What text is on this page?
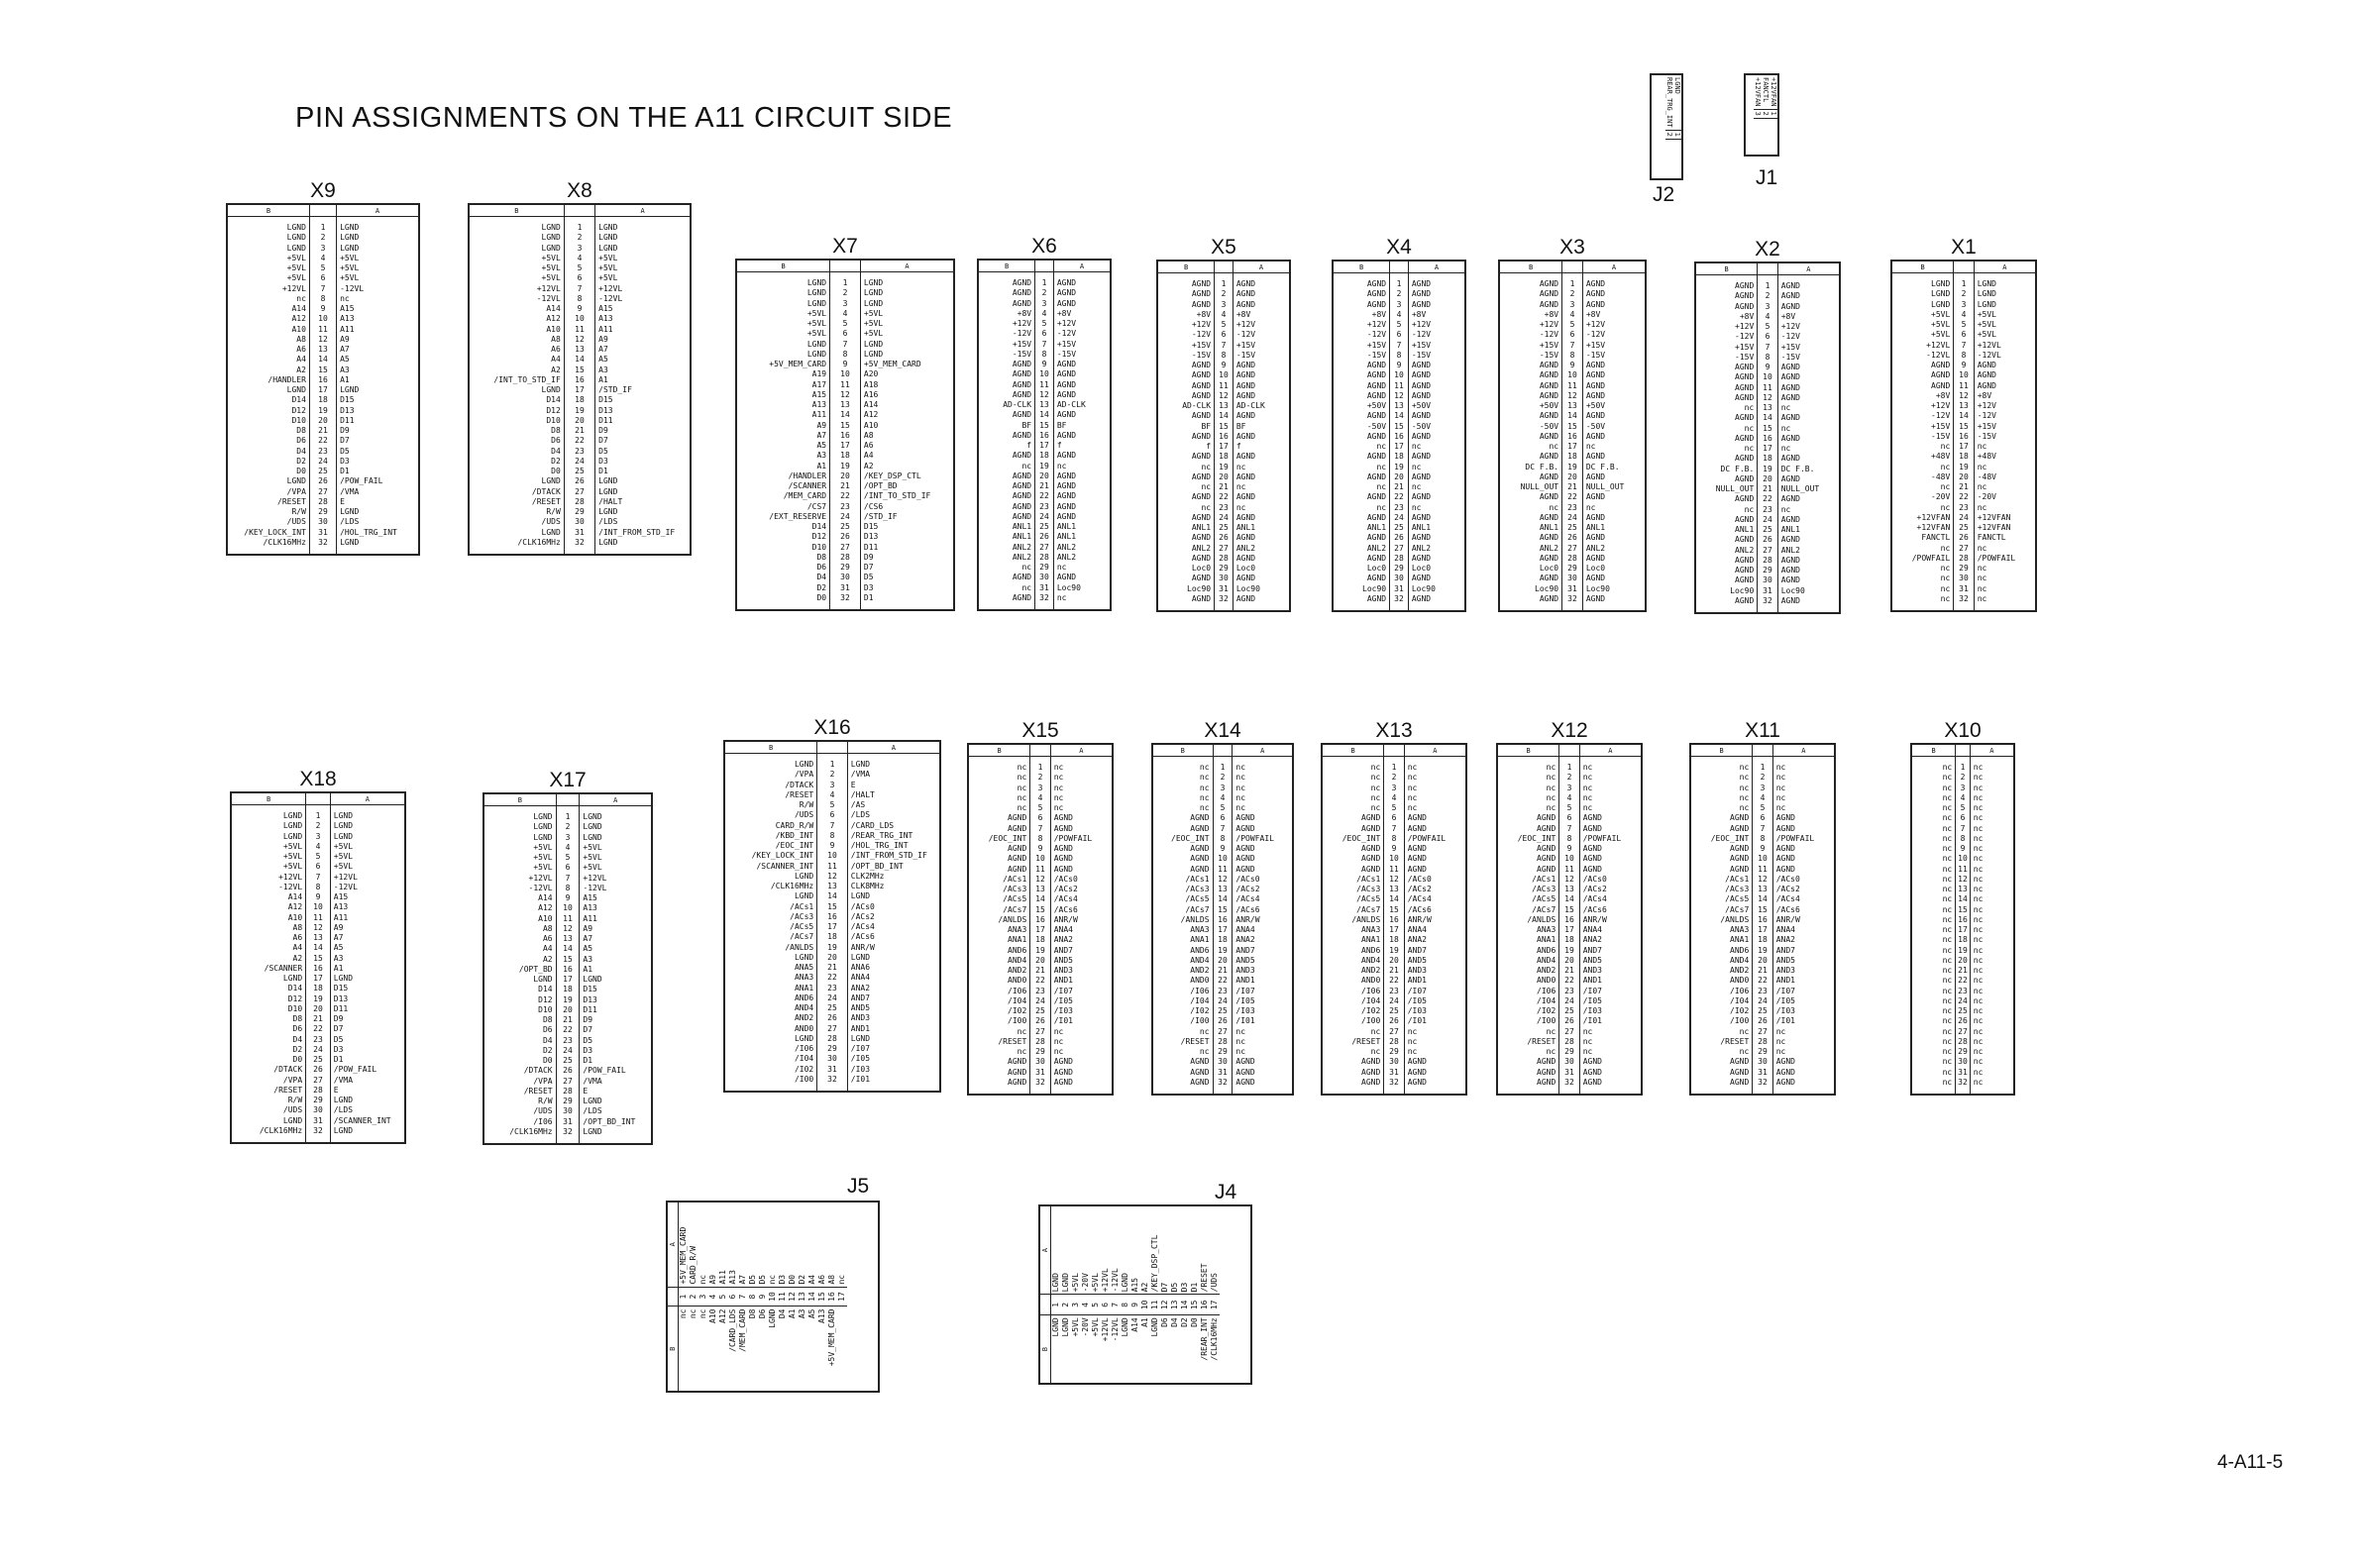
PIN ASSIGNMENTS ON THE A11 CIRCUIT SIDE
X9
B		A

LGND	1	LGND
LGND	2	LGND
LGND	3	LGND
+5VL	4	+5VL
+5VL	5	+5VL
+5VL	6	+5VL
+12VL	7	-12VL
nc	8	nc
A14	9	A15
A12	10	A13
A10	11	A11
A8	12	A9
A6	13	A7
A4	14	A5
A2	15	A3
/HANDLER	16	A1
LGND	17	LGND
D14	18	D15
D12	19	D13
D10	20	D11
D8	21	D9
D6	22	D7
D4	23	D5
D2	24	D3
D0	25	D1
LGND	26	/POW_FAIL
/VPA	27	/VMA
/RESET	28	E
R/W	29	LGND
/UDS	30	/LDS
/KEY_LOCK_INT	31	/HOL_TRG_INT
/CLK16MHz	32	LGND

X8
B		A

LGND	1	LGND
LGND	2	LGND
LGND	3	LGND
+5VL	4	+5VL
+5VL	5	+5VL
+5VL	6	+5VL
+12VL	7	+12VL
-12VL	8	-12VL
A14	9	A15
A12	10	A13
A10	11	A11
A8	12	A9
A6	13	A7
A4	14	A5
A2	15	A3
/INT_TO_STD_IF	16	A1
LGND	17	/STD_IF
D14	18	D15
D12	19	D13
D10	20	D11
D8	21	D9
D6	22	D7
D4	23	D5
D2	24	D3
D0	25	D1
LGND	26	LGND
/DTACK	27	LGND
/RESET	28	/HALT
R/W	29	LGND
/UDS	30	/LDS
LGND	31	/INT_FROM_STD_IF
/CLK16MHz	32	LGND

X7
B		A

LGND	1	LGND
LGND	2	LGND
LGND	3	LGND
+5VL	4	+5VL
+5VL	5	+5VL
+5VL	6	+5VL
LGND	7	LGND
LGND	8	LGND
+5V_MEM_CARD	9	+5V_MEM_CARD
A19	10	A20
A17	11	A18
A15	12	A16
A13	13	A14
A11	14	A12
A9	15	A10
A7	16	A8
A5	17	A6
A3	18	A4
A1	19	A2
/HANDLER	20	/KEY_DSP_CTL
/SCANNER	21	/OPT_BD
/MEM_CARD	22	/INT_TO_STD_IF
/CS7	23	/CS6
/EXT_RESERVE	24	/STD_IF
D14	25	D15
D12	26	D13
D10	27	D11
D8	28	D9
D6	29	D7
D4	30	D5
D2	31	D3
D0	32	D1

X6
B		A

AGND	1	AGND
AGND	2	AGND
AGND	3	AGND
+8V	4	+8V
+12V	5	+12V
-12V	6	-12V
+15V	7	+15V
-15V	8	-15V
AGND	9	AGND
AGND	10	AGND
AGND	11	AGND
AGND	12	AGND
AD-CLK	13	AD-CLK
AGND	14	AGND
BF	15	BF
AGND	16	AGND
f	17	f
AGND	18	AGND
nc	19	nc
AGND	20	AGND
AGND	21	AGND
AGND	22	AGND
AGND	23	AGND
AGND	24	AGND
ANL1	25	ANL1
ANL1	26	ANL1
ANL2	27	ANL2
ANL2	28	ANL2
nc	29	nc
AGND	30	AGND
nc	31	Loc90
AGND	32	nc

X5
B		A

AGND	1	AGND
AGND	2	AGND
AGND	3	AGND
+8V	4	+8V
+12V	5	+12V
-12V	6	-12V
+15V	7	+15V
-15V	8	-15V
AGND	9	AGND
AGND	10	AGND
AGND	11	AGND
AGND	12	AGND
AD-CLK	13	AD-CLK
AGND	14	AGND
BF	15	BF
AGND	16	AGND
f	17	f
AGND	18	AGND
nc	19	nc
AGND	20	AGND
nc	21	nc
AGND	22	AGND
nc	23	nc
AGND	24	AGND
ANL1	25	ANL1
AGND	26	AGND
ANL2	27	ANL2
AGND	28	AGND
Loc0	29	Loc0
AGND	30	AGND
Loc90	31	Loc90
AGND	32	AGND

X4
B		A

AGND	1	AGND
AGND	2	AGND
AGND	3	AGND
+8V	4	+8V
+12V	5	+12V
-12V	6	-12V
+15V	7	+15V
-15V	8	-15V
AGND	9	AGND
AGND	10	AGND
AGND	11	AGND
AGND	12	AGND
+50V	13	+50V
AGND	14	AGND
-50V	15	-50V
AGND	16	AGND
nc	17	nc
AGND	18	AGND
nc	19	nc
AGND	20	AGND
nc	21	nc
AGND	22	AGND
nc	23	nc
AGND	24	AGND
ANL1	25	ANL1
AGND	26	AGND
ANL2	27	ANL2
AGND	28	AGND
Loc0	29	Loc0
AGND	30	AGND
Loc90	31	Loc90
AGND	32	AGND

X3
B		A

AGND	1	AGND
AGND	2	AGND
AGND	3	AGND
+8V	4	+8V
+12V	5	+12V
-12V	6	-12V
+15V	7	+15V
-15V	8	-15V
AGND	9	AGND
AGND	10	AGND
AGND	11	AGND
AGND	12	AGND
+50V	13	+50V
AGND	14	AGND
-50V	15	-50V
AGND	16	AGND
nc	17	nc
AGND	18	AGND
DC F.B.	19	DC F.B.
AGND	20	AGND
NULL_OUT	21	NULL_OUT
AGND	22	AGND
nc	23	nc
AGND	24	AGND
ANL1	25	ANL1
AGND	26	AGND
ANL2	27	ANL2
AGND	28	AGND
Loc0	29	Loc0
AGND	30	AGND
Loc90	31	Loc90
AGND	32	AGND

X2
B		A

AGND	1	AGND
AGND	2	AGND
AGND	3	AGND
+8V	4	+8V
+12V	5	+12V
-12V	6	-12V
+15V	7	+15V
-15V	8	-15V
AGND	9	AGND
AGND	10	AGND
AGND	11	AGND
AGND	12	AGND
nc	13	nc
AGND	14	AGND
nc	15	nc
AGND	16	AGND
nc	17	nc
AGND	18	AGND
DC F.B.	19	DC F.B.
AGND	20	AGND
NULL_OUT	21	NULL_OUT
AGND	22	AGND
nc	23	nc
AGND	24	AGND
ANL1	25	ANL1
AGND	26	AGND
ANL2	27	ANL2
AGND	28	AGND
AGND	29	AGND
AGND	30	AGND
Loc90	31	Loc90
AGND	32	AGND

X1
B		A

LGND	1	LGND
LGND	2	LGND
LGND	3	LGND
+5VL	4	+5VL
+5VL	5	+5VL
+5VL	6	+5VL
+12VL	7	+12VL
-12VL	8	-12VL
AGND	9	AGND
AGND	10	AGND
AGND	11	AGND
+8V	12	+8V
+12V	13	+12V
-12V	14	-12V
+15V	15	+15V
-15V	16	-15V
nc	17	nc
+48V	18	+48V
nc	19	nc
-48V	20	-48V
nc	21	nc
-20V	22	-20V
nc	23	nc
+12VFAN	24	+12VFAN
+12VFAN	25	+12VFAN
FANCTL	26	FANCTL
nc	27	nc
/POWFAIL	28	/POWFAIL
nc	29	nc
nc	30	nc
nc	31	nc
nc	32	nc

X18
B		A

LGND	1	LGND
LGND	2	LGND
LGND	3	LGND
+5VL	4	+5VL
+5VL	5	+5VL
+5VL	6	+5VL
+12VL	7	+12VL
-12VL	8	-12VL
A14	9	A15
A12	10	A13
A10	11	A11
A8	12	A9
A6	13	A7
A4	14	A5
A2	15	A3
/SCANNER	16	A1
LGND	17	LGND
D14	18	D15
D12	19	D13
D10	20	D11
D8	21	D9
D6	22	D7
D4	23	D5
D2	24	D3
D0	25	D1
/DTACK	26	/POW_FAIL
/VPA	27	/VMA
/RESET	28	E
R/W	29	LGND
/UDS	30	/LDS
LGND	31	/SCANNER_INT
/CLK16MHz	32	LGND

X17
B		A

LGND	1	LGND
LGND	2	LGND
LGND	3	LGND
+5VL	4	+5VL
+5VL	5	+5VL
+5VL	6	+5VL
+12VL	7	+12VL
-12VL	8	-12VL
A14	9	A15
A12	10	A13
A10	11	A11
A8	12	A9
A6	13	A7
A4	14	A5
A2	15	A3
/OPT_BD	16	A1
LGND	17	LGND
D14	18	D15
D12	19	D13
D10	20	D11
D8	21	D9
D6	22	D7
D4	23	D5
D2	24	D3
D0	25	D1
/DTACK	26	/POW_FAIL
/VPA	27	/VMA
/RESET	28	E
R/W	29	LGND
/UDS	30	/LDS
/I06	31	/OPT_BD_INT
/CLK16MHz	32	LGND

X16
B		A

LGND	1	LGND
/VPA	2	/VMA
/DTACK	3	E
/RESET	4	/HALT
R/W	5	/AS
/UDS	6	/LDS
CARD_R/W	7	/CARD_LDS
/KBD_INT	8	/REAR_TRG_INT
/EOC_INT	9	/HOL_TRG_INT
/KEY_LOCK_INT	10	/INT_FROM_STD_IF
/SCANNER_INT	11	/OPT_BD_INT
LGND	12	CLK2MHz
/CLK16MHz	13	CLK8MHz
LGND	14	LGND
/ACs1	15	/ACs0
/ACs3	16	/ACs2
/ACs5	17	/ACs4
/ACs7	18	/ACs6
/ANLDS	19	ANR/W
LGND	20	LGND
ANA5	21	ANA6
ANA3	22	ANA4
ANA1	23	ANA2
AND6	24	AND7
AND4	25	AND5
AND2	26	AND3
AND0	27	AND1
LGND	28	LGND
/I06	29	/I07
/I04	30	/I05
/I02	31	/I03
/I00	32	/I01

X15
B		A

nc	1	nc
nc	2	nc
nc	3	nc
nc	4	nc
nc	5	nc
AGND	6	AGND
AGND	7	AGND
/EOC_INT	8	/POWFAIL
AGND	9	AGND
AGND	10	AGND
AGND	11	AGND
/ACs1	12	/ACs0
/ACs3	13	/ACs2
/ACs5	14	/ACs4
/ACs7	15	/ACs6
/ANLDS	16	ANR/W
ANA3	17	ANA4
ANA1	18	ANA2
AND6	19	AND7
AND4	20	AND5
AND2	21	AND3
AND0	22	AND1
/I06	23	/I07
/I04	24	/I05
/I02	25	/I03
/I00	26	/I01
nc	27	nc
/RESET	28	nc
nc	29	nc
AGND	30	AGND
AGND	31	AGND
AGND	32	AGND

X14
B		A

nc	1	nc
nc	2	nc
nc	3	nc
nc	4	nc
nc	5	nc
AGND	6	AGND
AGND	7	AGND
/EOC_INT	8	/POWFAIL
AGND	9	AGND
AGND	10	AGND
AGND	11	AGND
/ACs1	12	/ACs0
/ACs3	13	/ACs2
/ACs5	14	/ACs4
/ACs7	15	/ACs6
/ANLDS	16	ANR/W
ANA3	17	ANA4
ANA1	18	ANA2
AND6	19	AND7
AND4	20	AND5
AND2	21	AND3
AND0	22	AND1
/I06	23	/I07
/I04	24	/I05
/I02	25	/I03
/I00	26	/I01
nc	27	nc
/RESET	28	nc
nc	29	nc
AGND	30	AGND
AGND	31	AGND
AGND	32	AGND

X13
B		A

nc	1	nc
nc	2	nc
nc	3	nc
nc	4	nc
nc	5	nc
AGND	6	AGND
AGND	7	AGND
/EOC_INT	8	/POWFAIL
AGND	9	AGND
AGND	10	AGND
AGND	11	AGND
/ACs1	12	/ACs0
/ACs3	13	/ACs2
/ACs5	14	/ACs4
/ACs7	15	/ACs6
/ANLDS	16	ANR/W
ANA3	17	ANA4
ANA1	18	ANA2
AND6	19	AND7
AND4	20	AND5
AND2	21	AND3
AND0	22	AND1
/I06	23	/I07
/I04	24	/I05
/I02	25	/I03
/I00	26	/I01
nc	27	nc
/RESET	28	nc
nc	29	nc
AGND	30	AGND
AGND	31	AGND
AGND	32	AGND

X12
B		A

nc	1	nc
nc	2	nc
nc	3	nc
nc	4	nc
nc	5	nc
AGND	6	AGND
AGND	7	AGND
/EOC_INT	8	/POWFAIL
AGND	9	AGND
AGND	10	AGND
AGND	11	AGND
/ACs1	12	/ACs0
/ACs3	13	/ACs2
/ACs5	14	/ACs4
/ACs7	15	/ACs6
/ANLDS	16	ANR/W
ANA3	17	ANA4
ANA1	18	ANA2
AND6	19	AND7
AND4	20	AND5
AND2	21	AND3
AND0	22	AND1
/I06	23	/I07
/I04	24	/I05
/I02	25	/I03
/I00	26	/I01
nc	27	nc
/RESET	28	nc
nc	29	nc
AGND	30	AGND
AGND	31	AGND
AGND	32	AGND

X11
B		A

nc	1	nc
nc	2	nc
nc	3	nc
nc	4	nc
nc	5	nc
AGND	6	AGND
AGND	7	AGND
/EOC_INT	8	/POWFAIL
AGND	9	AGND
AGND	10	AGND
AGND	11	AGND
/ACs1	12	/ACs0
/ACs3	13	/ACs2
/ACs5	14	/ACs4
/ACs7	15	/ACs6
/ANLDS	16	ANR/W
ANA3	17	ANA4
ANA1	18	ANA2
AND6	19	AND7
AND4	20	AND5
AND2	21	AND3
AND0	22	AND1
/I06	23	/I07
/I04	24	/I05
/I02	25	/I03
/I00	26	/I01
nc	27	nc
/RESET	28	nc
nc	29	nc
AGND	30	AGND
AGND	31	AGND
AGND	32	AGND

X10
B		A

nc	1	nc
nc	2	nc
nc	3	nc
nc	4	nc
nc	5	nc
nc	6	nc
nc	7	nc
nc	8	nc
nc	9	nc
nc	10	nc
nc	11	nc
nc	12	nc
nc	13	nc
nc	14	nc
nc	15	nc
nc	16	nc
nc	17	nc
nc	18	nc
nc	19	nc
nc	20	nc
nc	21	nc
nc	22	nc
nc	23	nc
nc	24	nc
nc	25	nc
nc	26	nc
nc	27	nc
nc	28	nc
nc	29	nc
nc	30	nc
nc	31	nc
nc	32	nc

J5
B		A
nc	1	+5V_MEM_CARD
nc	2	CARD_R/W
nc	3	nc
A10	4	A9
A12	5	A11
/CARD_LDS	6	A13
/MEM_CARD	7	A7
D8	8	D5
D6	9	D5
LGND	10	nc
D4	11	D3
A1	12	D0
A3	13	D2
A5	14	A4
A13	15	A6
+5V_MEM_CARD	16	A8
	17	nc
J4
B		A
LGND	1	LGND
LGND	2	LGND
+5VL	3	+5VL
-20V	4	-20V
+5VL	5	+5VL
+12VL	6	+12VL
-12VL	7	-12VL
LGND	8	LGND
A14	9	A15
A1	10	A2
LGND	11	/KEY_DSP_CTL
D6	12	D7
D4	13	D5
D2	14	D3
D0	15	D1
/REAR_INT	16	/RESET
/CLK16MHz	17	/UDS
LGND	1
REAR_TRG_INT	2
J2
+12VFAN	1
FANCTL	2
+12VFAN	3
J1
4-A11-5
